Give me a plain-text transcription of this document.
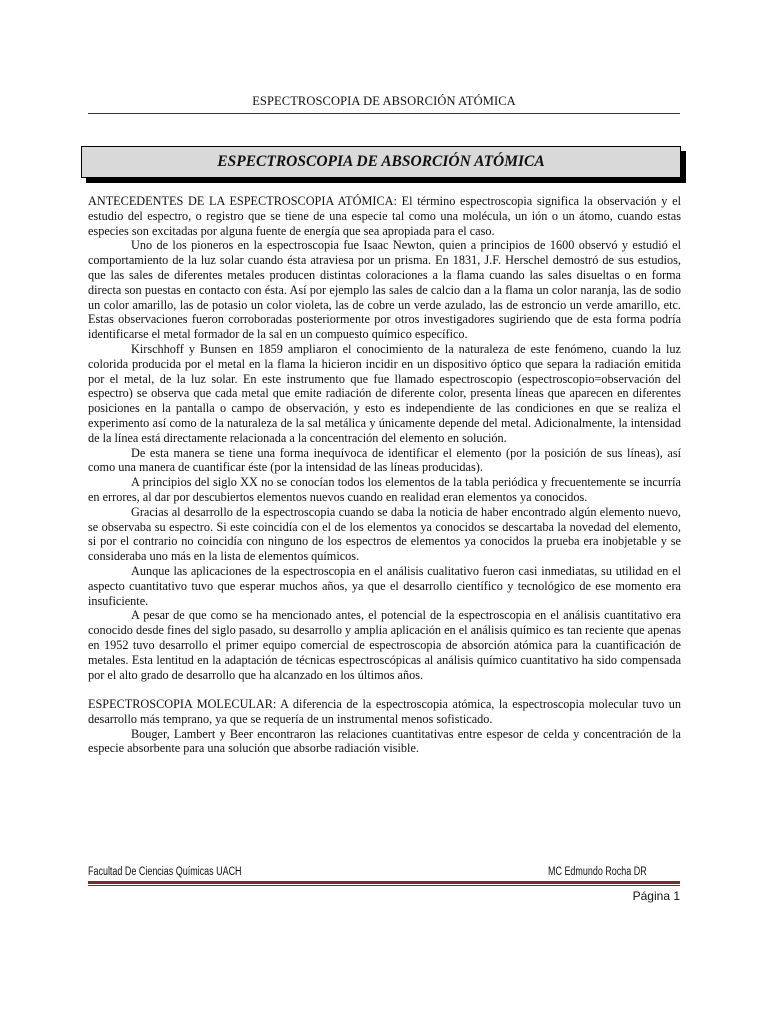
ESPECTROSCOPIA DE ABSORCIÓN ATÓMICA
ESPECTROSCOPIA DE ABSORCIÓN ATÓMICA

ANTECEDENTES DE LA ESPECTROSCOPIA ATÓMICA: El término espectroscopia significa la observación y el estudio del espectro, o registro que se tiene de una especie tal como una molécula, un ión o un átomo, cuando estas especies son excitadas por alguna fuente de energía que sea apropiada para el caso.

Uno de los pioneros en la espectroscopia fue Isaac Newton, quien a principios de 1600 observó y estudió el comportamiento de la luz solar cuando ésta atraviesa por un prisma. En 1831, J.F. Herschel demostró de sus estudios, que las sales de diferentes metales producen distintas coloraciones a la flama cuando las sales disueltas o en forma directa son puestas en contacto con ésta. Así por ejemplo las sales de calcio dan a la flama un color naranja, las de sodio un color amarillo, las de potasio un color violeta, las de cobre un verde azulado, las de estroncio un verde amarillo, etc. Estas observaciones fueron corroboradas posteriormente por otros investigadores sugiriendo que de esta forma podría identificarse el metal formador de la sal en un compuesto químico específico.

Kirschhoff y Bunsen en 1859 ampliaron el conocimiento de la naturaleza de este fenómeno, cuando la luz colorida producida por el metal en la flama la hicieron incidir en un dispositivo óptico que separa la radiación emitida por el metal, de la luz solar. En este instrumento que fue llamado espectroscopio (espectroscopio=observación del espectro) se observa que cada metal que emite radiación de diferente color, presenta líneas que aparecen en diferentes posiciones en la pantalla o campo de observación, y esto es independiente de las condiciones en que se realiza el experimento así como de la naturaleza de la sal metálica y únicamente depende del metal. Adicionalmente, la intensidad de la línea está directamente relacionada a la concentración del elemento en solución.

De esta manera se tiene una forma inequívoca de identificar el elemento (por la posición de sus líneas), así como una manera de cuantificar éste (por la intensidad de las líneas producidas).

A principios del siglo XX no se conocían todos los elementos de la tabla periódica y frecuentemente se incurría en errores, al dar por descubiertos elementos nuevos cuando en realidad eran elementos ya conocidos.

Gracias al desarrollo de la espectroscopia cuando se daba la noticia de haber encontrado algún elemento nuevo, se observaba su espectro. Si este coincidía con el de los elementos ya conocidos se descartaba la novedad del elemento, si por el contrario no coincidía con ninguno de los espectros de elementos ya conocidos la prueba era inobjetable y se consideraba uno más en la lista de elementos químicos.

Aunque las aplicaciones de la espectroscopia en el análisis cualitativo fueron casi inmediatas, su utilidad en el aspecto cuantitativo tuvo que esperar muchos años, ya que el desarrollo científico y tecnológico de ese momento era insuficiente.

A pesar de que como se ha mencionado antes, el potencial de la espectroscopia en el análisis cuantitativo era conocido desde fines del siglo pasado, su desarrollo y amplia aplicación en el análisis químico es tan reciente que apenas en 1952 tuvo desarrollo el primer equipo comercial de espectroscopia de absorción atómica para la cuantificación de metales. Esta lentitud en la adaptación de técnicas espectroscópicas al análisis químico cuantitativo ha sido compensada por el alto grado de desarrollo que ha alcanzado en los últimos años.

ESPECTROSCOPIA MOLECULAR: A diferencia de la espectroscopia atómica, la espectroscopia molecular tuvo un desarrollo más temprano, ya que se requería de un instrumental menos sofisticado.

Bouger, Lambert y Beer encontraron las relaciones cuantitativas entre espesor de celda y concentración de la especie absorbente para una solución que absorbe radiación visible.

Facultad De Ciencias Químicas UACH	MC Edmundo Rocha DR
Página 1
